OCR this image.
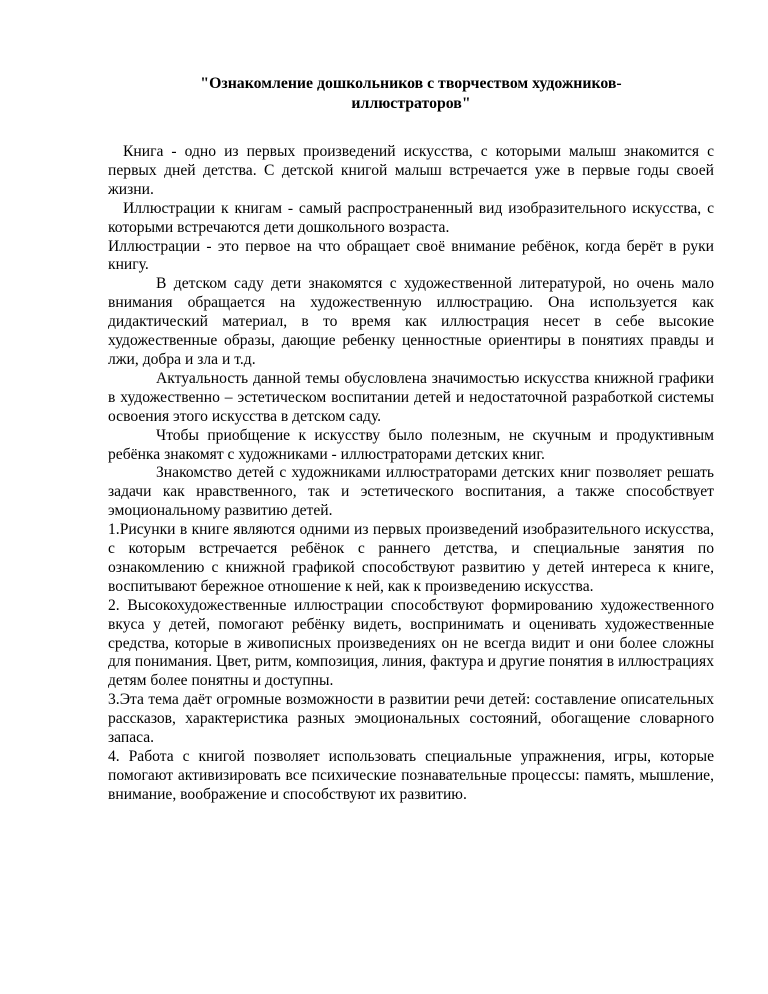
"Ознакомление дошкольников с творчеством художников-
иллюстраторов"

Книга - одно из первых произведений искусства, с которыми малыш знакомится с первых дней детства. С детской книгой малыш встречается уже в первые годы своей жизни.

Иллюстрации к книгам - самый распространенный вид изобразительного искусства, с которыми встречаются дети дошкольного возраста.

Иллюстрации - это первое на что обращает своё внимание ребёнок, когда берёт в руки книгу.

В детском саду дети знакомятся с художественной литературой, но очень мало внимания обращается на художественную иллюстрацию. Она используется как дидактический материал, в то время как иллюстрация несет в себе высокие художественные образы, дающие ребенку ценностные ориентиры в понятиях правды и лжи, добра и зла и т.д.

Актуальность данной темы обусловлена значимостью искусства книжной графики в художественно – эстетическом воспитании детей и недостаточной разработкой системы освоения этого искусства в детском саду.

Чтобы приобщение к искусству было полезным, не скучным и продуктивным ребёнка знакомят с художниками - иллюстраторами детских книг.

Знакомство детей с художниками иллюстраторами детских книг позволяет решать задачи как нравственного, так и эстетического воспитания, а также способствует эмоциональному развитию детей.

1.Рисунки в книге являются одними из первых произведений изобразительного искусства, с которым встречается ребёнок с раннего детства, и специальные занятия по ознакомлению с книжной графикой способствуют развитию у детей интереса к книге, воспитывают бережное отношение к ней, как к произведению искусства.

2. Высокохудожественные иллюстрации способствуют формированию художественного вкуса у детей, помогают ребёнку видеть, воспринимать и оценивать художественные средства, которые в живописных произведениях он не всегда видит и они более сложны для понимания. Цвет, ритм, композиция, линия, фактура и другие понятия в иллюстрациях детям более понятны и доступны.

3.Эта тема даёт огромные возможности в развитии речи детей: составление описательных рассказов, характеристика разных эмоциональных состояний, обогащение словарного запаса.

4. Работа с книгой позволяет использовать специальные упражнения, игры, которые помогают активизировать все психические познавательные процессы: память, мышление, внимание, воображение и способствуют их развитию.
